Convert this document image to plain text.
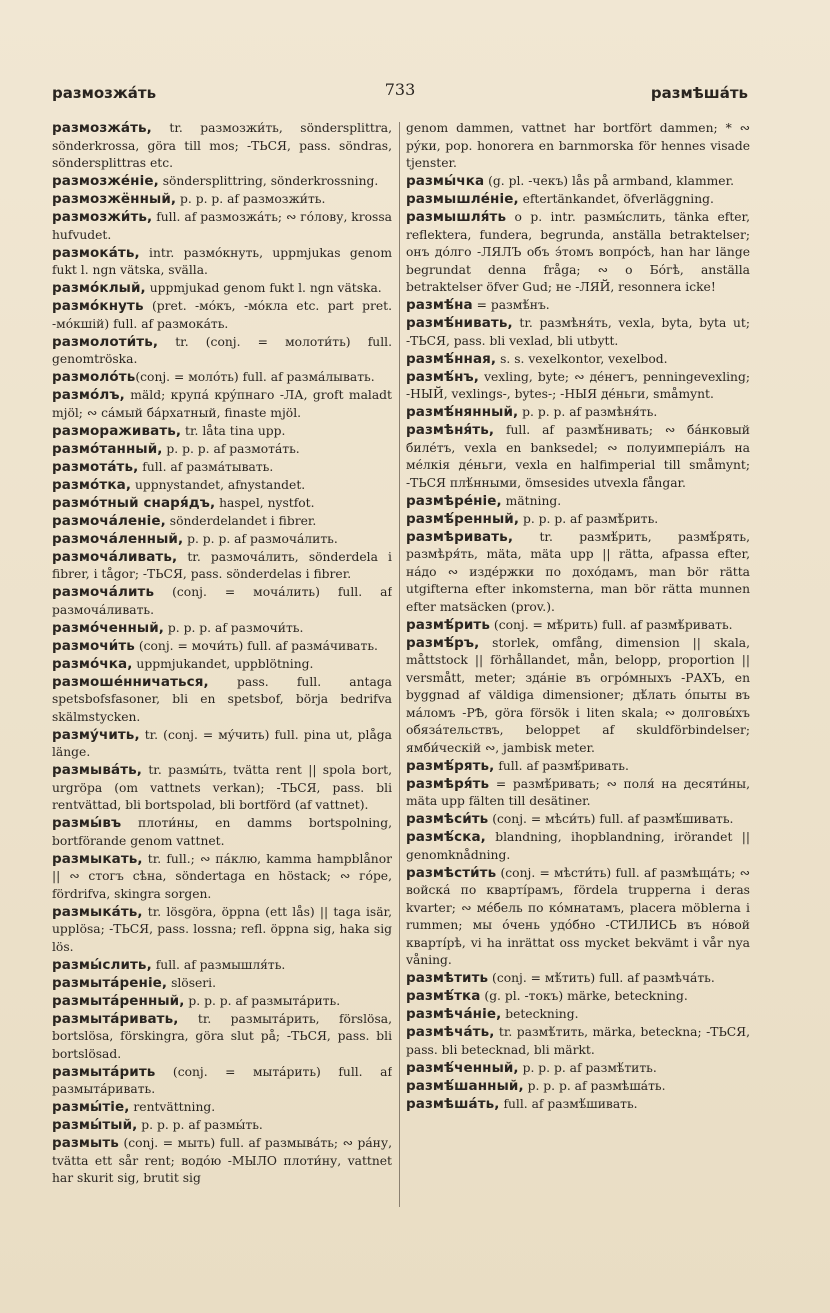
размозжáть	733	размѣшáть

размозжáть, tr. размозжи́ть, söndersplittra, sönderkrossa, göra till mos; -ТЬСЯ, pass. söndras, söndersplittras etc.

размозжéніе, söndersplittring, sönderkrossning.

размозжённый, p. p. p. af размозжи́ть.

размозжи́ть, full. af размозжáть; ∾ гóлову, krossa hufvudet.

размокáть, intr. размóкнуть, uppmjukas genom fukt l. ngn vätska, svälla.

размóклый, uppmjukad genom fukt l. ngn vätska.

размóкнуть (pret. -мóкъ, -мóкла etc. part pret. -мóкшій) full. af размокáть.

размолоти́ть, tr. (conj. = молоти́ть) full. genomtröska.

размолóть(conj. = молóть) full. af размáлывать.

размóлъ, mäld; крупá крýпнаго -ЛА, groft maladt mjöl; ∾ сáмый бáрхатный, finaste mjöl.

размораживать, tr. låta tina upp.

размóтанный, p. p. p. af размотáть.

размотáть, full. af размáтывать.

размóтка, uppnystandet, afnystandet.

размóтный снаря́дъ, haspel, nystfot.

размочáленіе, sönderdelandet i fibrer.

размочáленный, p. p. p. af размочáлить.

размочáливать, tr. размочáлить, sönderdela i fibrer, i tågor; -ТЬСЯ, pass. sönderdelas i fibrer.

размочáлить (conj. = мочáлить) full. af размочáливать.

размóченный, p. p. p. af размочи́ть.

размочи́ть (conj. = мочи́ть) full. af размáчивать.

размóчка, uppmjukandet, uppblötning.

размошéнничаться, pass. full. antaga spetsbofsfasoner, bli en spetsbof, börja bedrifva skälmstycken.

размýчить, tr. (conj. = мýчить) full. pina ut, plåga länge.

размывáть, tr. размы́ть, tvätta rent || spola bort, urgröpa (om vattnets verkan); -ТЬСЯ, pass. bli rentvättad, bli bortspolad, bli bortförd (af vattnet).

размы́въ плоти́ны, en damms bortspolning, bortförande genom vattnet.

размыкать, tr. full.; ∾ пáклю, kamma hampblånor || ∾ стогъ сѣна, söndertaga en höstack; ∾ гóре, fördrifva, skingra sorgen.

размыкáть, tr. lösgöra, öppna (ett lås) || taga isär, upplösa; -ТЬСЯ, pass. lossna; refl. öppna sig, haka sig lös.

размы́слить, full. af размышля́ть.

размытáреніе, slöseri.

размытáренный, p. p. p. af размытáрить.

размытáривать, tr. размытáрить, förslösa, bortslösa, förskingra, göra slut på; -ТЬСЯ, pass. bli bortslösad.

размытáрить (conj. = мытáрить) full. af размытáривать.

размы́тіе, rentvättning.

размы́тый, p. p. p. af размы́ть.

размыть (conj. = мыть) full. af размывáть; ∾ рáну, tvätta ett sår rent; водóю -МЫЛО плоти́ну, vattnet har skurit sig, brutit sig

genom dammen, vattnet har bortfört dammen; * ∾ рýки, pop. honorera en barnmorska för hennes visade tjenster.

размы́чка (g. pl. -чекъ) lås på armband, klammer.

размышлéніе, eftertänkandet, öfverläggning.

размышля́ть o p. intr. размы́слить, tänka efter, reflektera, fundera, begrunda, anställa betraktelser; онъ дóлго -ЛЯЛЪ объ э́томъ вопрóсѣ, han har länge begrundat denna fråga; ∾ о Бóгѣ, anställa betraktelser öfver Gud; не -ЛЯЙ, resonnera icke!

размѣ́на = размѣ́нъ.

размѣ́нивать, tr. размѣня́ть, vexla, byta, byta ut; -ТЬСЯ, pass. bli vexlad, bli utbytt.

размѣ́нная, s. s. vexelkontor, vexelbod.

размѣ́нъ, vexling, byte; ∾ дéнегъ, penningevexling; -НЫЙ, vexlings-, bytes-; -НЫЯ дéньги, småmynt.

размѣ́нянный, p. p. p. af размѣня́ть.

размѣня́ть, full. af размѣ́нивать; ∾ бáнковый билéтъ, vexla en banksedel; ∾ полуимперiáлъ на мéлкiя дéньги, vexla en halfimperial till småmynt; -ТЬСЯ плѣ́нными, ömsesides utvexla fångar.

размѣрéніе, mätning.

размѣ́ренный, p. p. p. af размѣ́рить.

размѣривать, tr. размѣ́рить, размѣ́рять, размѣря́ть, mäta, mäta upp || rätta, afpassa efter, нáдо ∾ издéржки по дохóдамъ, man bör rätta utgifterna efter inkomsterna, man bör rätta munnen efter matsäcken (prov.).

размѣ́рить (conj. = мѣ́рить) full. af размѣ́ривать.

размѣ́ръ, storlek, omfång, dimension || skala, måttstock || förhållandet, mån, belopp, proportion || versmått, meter; здáніе въ огрóмныхъ -РАХЪ, en byggnad af väldiga dimensioner; дѣ́лать óпыты въ мáломъ -РѢ, göra försök i liten skala; ∾ долговы́хъ обязáтельствъ, beloppet af skuldförbindelser; ямби́ческiй ∾, jambisk meter.

размѣ́рять, full. af размѣ́ривать.

размѣря́ть = размѣ́ривать; ∾ поля́ на десяти́ны, mäta upp fälten till desätiner.

размѣси́ть (conj. = мѣси́ть) full. af размѣ́шивать.

размѣ́ска, blandning, ihopblandning, irörandet || genomknådning.

размѣсти́ть (conj. = мѣсти́ть) full. af размѣщáть; ∾ войскá по квартíрамъ, fördela trupperna i deras kvarter; ∾ мéбель по кóмнатамъ, placera möblerna i rummen; мы óчень удóбно -СТИЛИСЬ въ нóвой квартíрѣ, vi ha inrättat oss mycket bekvämt i vår nya våning.

размѣтить (conj. = мѣ́тить) full. af размѣчáть.

размѣ́тка (g. pl. -токъ) märke, beteckning.

размѣчáніе, beteckning.

размѣчáть, tr. размѣ́тить, märka, beteckna; -ТЬСЯ, pass. bli betecknad, bli märkt.

размѣ́ченный, p. p. p. af размѣ́тить.

размѣ́шанный, p. p. p. af размѣшáть.

размѣшáть, full. af размѣ́шивать.
